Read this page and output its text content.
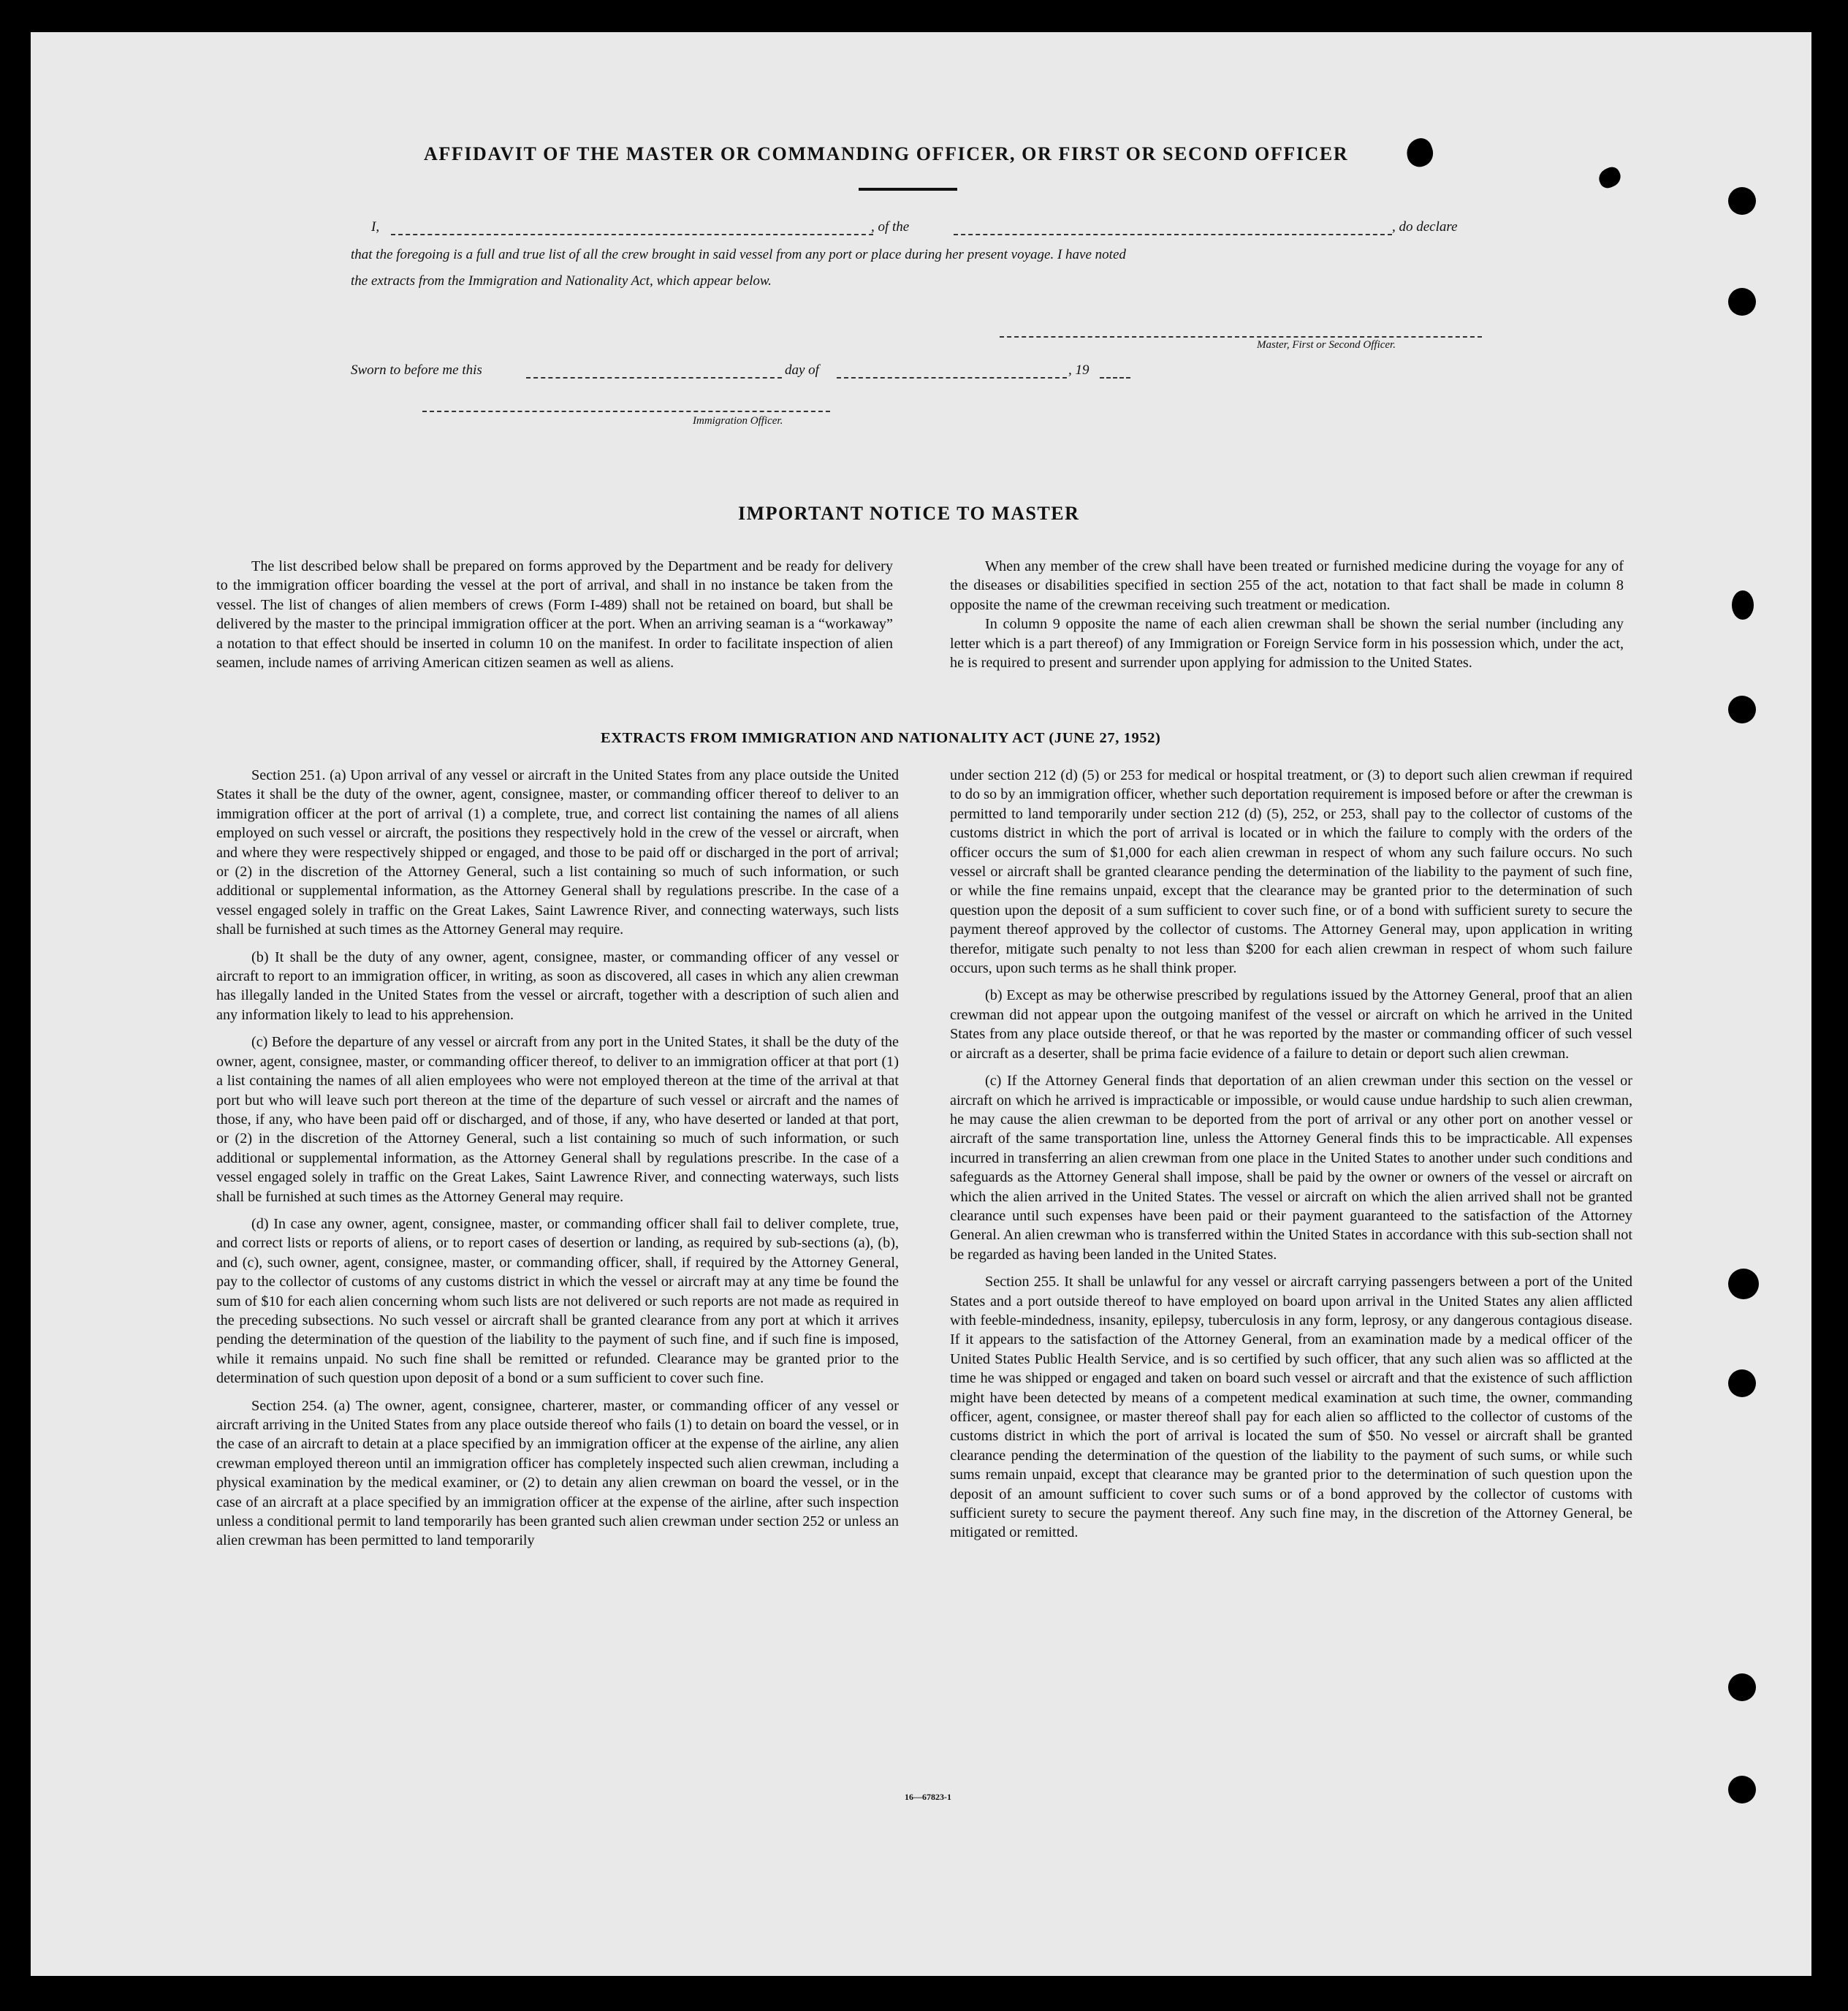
AFFIDAVIT OF THE MASTER OR COMMANDING OFFICER, OR FIRST OR SECOND OFFICER
I,	, of the	, do declare
that the foregoing is a full and true list of all the crew brought in said vessel from any port or place during her present voyage. I have noted
the extracts from the Immigration and Nationality Act, which appear below.
Master, First or Second Officer.
Sworn to before me this	day of	, 19
Immigration Officer.
IMPORTANT NOTICE TO MASTER

The list described below shall be prepared on forms approved by the Department and be ready for delivery to the immigration officer boarding the vessel at the port of arrival, and shall in no instance be taken from the vessel. The list of changes of alien members of crews (Form I-489) shall not be retained on board, but shall be delivered by the master to the principal immigration officer at the port. When an arriving seaman is a “workaway” a notation to that effect should be inserted in column 10 on the manifest. In order to facilitate inspection of alien seamen, include names of arriving American citizen seamen as well as aliens.

When any member of the crew shall have been treated or furnished medicine during the voyage for any of the diseases or disabilities specified in section 255 of the act, notation to that fact shall be made in column 8 opposite the name of the crewman receiving such treatment or medication.

In column 9 opposite the name of each alien crewman shall be shown the serial number (including any letter which is a part thereof) of any Immigration or Foreign Service form in his possession which, under the act, he is required to present and surrender upon applying for admission to the United States.

EXTRACTS FROM IMMIGRATION AND NATIONALITY ACT (JUNE 27, 1952)

Section 251. (a) Upon arrival of any vessel or aircraft in the United States from any place outside the United States it shall be the duty of the owner, agent, consignee, master, or commanding officer thereof to deliver to an immigration officer at the port of arrival (1) a complete, true, and correct list containing the names of all aliens employed on such vessel or aircraft, the positions they respectively hold in the crew of the vessel or aircraft, when and where they were respectively shipped or engaged, and those to be paid off or discharged in the port of arrival; or (2) in the discretion of the Attorney General, such a list containing so much of such information, or such additional or supplemental information, as the Attorney General shall by regulations prescribe. In the case of a vessel engaged solely in traffic on the Great Lakes, Saint Lawrence River, and connecting waterways, such lists shall be furnished at such times as the Attorney General may require.

(b) It shall be the duty of any owner, agent, consignee, master, or commanding officer of any vessel or aircraft to report to an immigration officer, in writing, as soon as discovered, all cases in which any alien crewman has illegally landed in the United States from the vessel or aircraft, together with a description of such alien and any information likely to lead to his apprehension.

(c) Before the departure of any vessel or aircraft from any port in the United States, it shall be the duty of the owner, agent, consignee, master, or commanding officer thereof, to deliver to an immigration officer at that port (1) a list containing the names of all alien employees who were not employed thereon at the time of the arrival at that port but who will leave such port thereon at the time of the departure of such vessel or aircraft and the names of those, if any, who have been paid off or discharged, and of those, if any, who have deserted or landed at that port, or (2) in the discretion of the Attorney General, such a list containing so much of such information, or such additional or supplemental information, as the Attorney General shall by regulations prescribe. In the case of a vessel engaged solely in traffic on the Great Lakes, Saint Lawrence River, and connecting waterways, such lists shall be furnished at such times as the Attorney General may require.

(d) In case any owner, agent, consignee, master, or commanding officer shall fail to deliver complete, true, and correct lists or reports of aliens, or to report cases of desertion or landing, as required by sub-sections (a), (b), and (c), such owner, agent, consignee, master, or commanding officer, shall, if required by the Attorney General, pay to the collector of customs of any customs district in which the vessel or aircraft may at any time be found the sum of $10 for each alien concerning whom such lists are not delivered or such reports are not made as required in the preceding subsections. No such vessel or aircraft shall be granted clearance from any port at which it arrives pending the determination of the question of the liability to the payment of such fine, and if such fine is imposed, while it remains unpaid. No such fine shall be remitted or refunded. Clearance may be granted prior to the determination of such question upon deposit of a bond or a sum sufficient to cover such fine.

Section 254. (a) The owner, agent, consignee, charterer, master, or commanding officer of any vessel or aircraft arriving in the United States from any place outside thereof who fails (1) to detain on board the vessel, or in the case of an aircraft to detain at a place specified by an immigration officer at the expense of the airline, any alien crewman employed thereon until an immigration officer has completely inspected such alien crewman, including a physical examination by the medical examiner, or (2) to detain any alien crewman on board the vessel, or in the case of an aircraft at a place specified by an immigration officer at the expense of the airline, after such inspection unless a conditional permit to land temporarily has been granted such alien crewman under section 252 or unless an alien crewman has been permitted to land temporarily

under section 212 (d) (5) or 253 for medical or hospital treatment, or (3) to deport such alien crewman if required to do so by an immigration officer, whether such deportation requirement is imposed before or after the crewman is permitted to land temporarily under section 212 (d) (5), 252, or 253, shall pay to the collector of customs of the customs district in which the port of arrival is located or in which the failure to comply with the orders of the officer occurs the sum of $1,000 for each alien crewman in respect of whom any such failure occurs. No such vessel or aircraft shall be granted clearance pending the determination of the liability to the payment of such fine, or while the fine remains unpaid, except that the clearance may be granted prior to the determination of such question upon the deposit of a sum sufficient to cover such fine, or of a bond with sufficient surety to secure the payment thereof approved by the collector of customs. The Attorney General may, upon application in writing therefor, mitigate such penalty to not less than $200 for each alien crewman in respect of whom such failure occurs, upon such terms as he shall think proper.

(b) Except as may be otherwise prescribed by regulations issued by the Attorney General, proof that an alien crewman did not appear upon the outgoing manifest of the vessel or aircraft on which he arrived in the United States from any place outside thereof, or that he was reported by the master or commanding officer of such vessel or aircraft as a deserter, shall be prima facie evidence of a failure to detain or deport such alien crewman.

(c) If the Attorney General finds that deportation of an alien crewman under this section on the vessel or aircraft on which he arrived is impracticable or impossible, or would cause undue hardship to such alien crewman, he may cause the alien crewman to be deported from the port of arrival or any other port on another vessel or aircraft of the same transportation line, unless the Attorney General finds this to be impracticable. All expenses incurred in transferring an alien crewman from one place in the United States to another under such conditions and safeguards as the Attorney General shall impose, shall be paid by the owner or owners of the vessel or aircraft on which the alien arrived in the United States. The vessel or aircraft on which the alien arrived shall not be granted clearance until such expenses have been paid or their payment guaranteed to the satisfaction of the Attorney General. An alien crewman who is transferred within the United States in accordance with this sub-section shall not be regarded as having been landed in the United States.

Section 255. It shall be unlawful for any vessel or aircraft carrying passengers between a port of the United States and a port outside thereof to have employed on board upon arrival in the United States any alien afflicted with feeble-mindedness, insanity, epilepsy, tuberculosis in any form, leprosy, or any dangerous contagious disease. If it appears to the satisfaction of the Attorney General, from an examination made by a medical officer of the United States Public Health Service, and is so certified by such officer, that any such alien was so afflicted at the time he was shipped or engaged and taken on board such vessel or aircraft and that the existence of such affliction might have been detected by means of a competent medical examination at such time, the owner, commanding officer, agent, consignee, or master thereof shall pay for each alien so afflicted to the collector of customs of the customs district in which the port of arrival is located the sum of $50. No vessel or aircraft shall be granted clearance pending the determination of the question of the liability to the payment of such sums, or while such sums remain unpaid, except that clearance may be granted prior to the determination of such question upon the deposit of an amount sufficient to cover such sums or of a bond approved by the collector of customs with sufficient surety to secure the payment thereof. Any such fine may, in the discretion of the Attorney General, be mitigated or remitted.

16—67823-1
